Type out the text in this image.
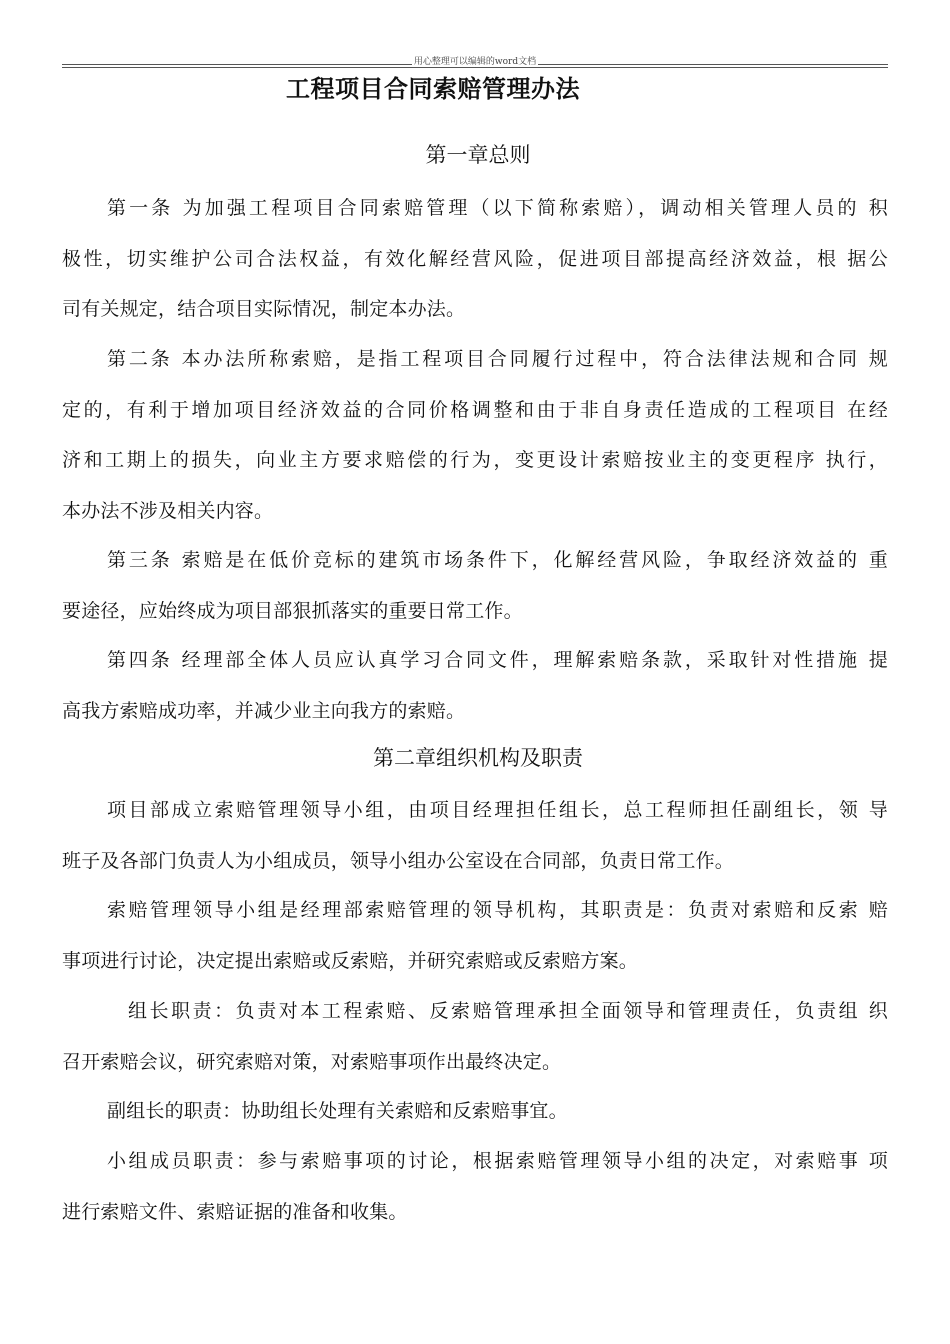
用心整理可以编辑的word文档
工程项目合同索赔管理办法
第一章总则
第一条 为加强工程项目合同索赔管理（以下简称索赔），调动相关管理人员的 积
极性，切实维护公司合法权益，有效化解经营风险，促进项目部提高经济效益，根 据公
司有关规定，结合项目实际情况，制定本办法。
第二条 本办法所称索赔，是指工程项目合同履行过程中，符合法律法规和合同 规
定的，有利于增加项目经济效益的合同价格调整和由于非自身责任造成的工程项目 在经
济和工期上的损失，向业主方要求赔偿的行为，变更设计索赔按业主的变更程序 执行，
本办法不涉及相关内容。
第三条 索赔是在低价竞标的建筑市场条件下，化解经营风险，争取经济效益的 重
要途径，应始终成为项目部狠抓落实的重要日常工作。
第四条 经理部全体人员应认真学习合同文件，理解索赔条款，采取针对性措施 提
高我方索赔成功率，并减少业主向我方的索赔。
第二章组织机构及职责
项目部成立索赔管理领导小组，由项目经理担任组长，总工程师担任副组长，领 导
班子及各部门负责人为小组成员，领导小组办公室设在合同部，负责日常工作。
索赔管理领导小组是经理部索赔管理的领导机构，其职责是：负责对索赔和反索 赔
事项进行讨论，决定提出索赔或反索赔，并研究索赔或反索赔方案。
组长职责：负责对本工程索赔、反索赔管理承担全面领导和管理责任，负责组 织
召开索赔会议，研究索赔对策，对索赔事项作出最终决定。
副组长的职责：协助组长处理有关索赔和反索赔事宜。
小组成员职责：参与索赔事项的讨论，根据索赔管理领导小组的决定，对索赔事 项
进行索赔文件、索赔证据的准备和收集。
